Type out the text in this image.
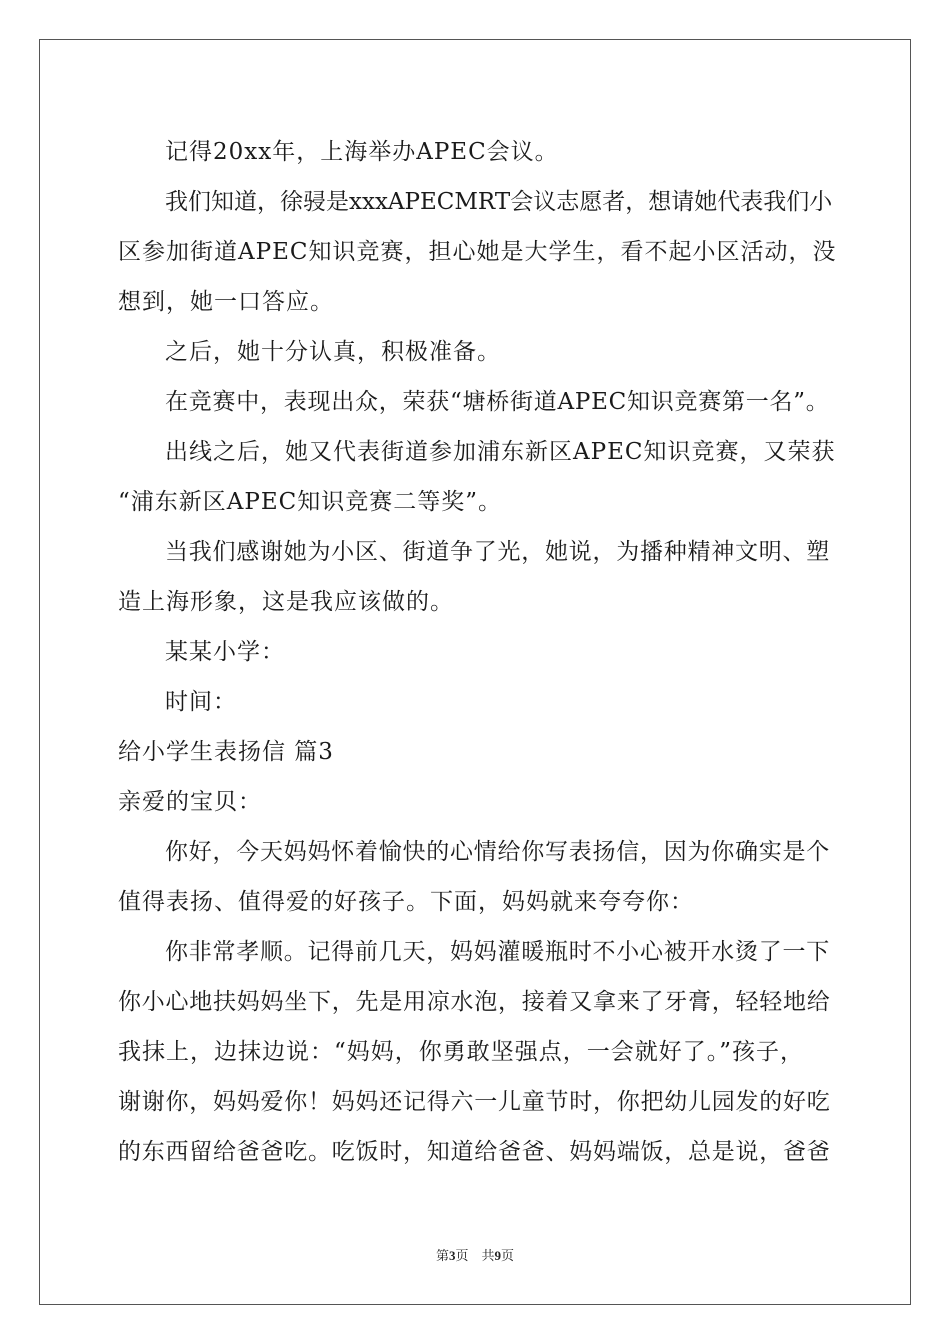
记得20xx年，上海举办APEC会议。
我们知道，徐骎是xxxAPECMRT会议志愿者，想请她代表我们小
区参加街道APEC知识竞赛，担心她是大学生，看不起小区活动，没
想到，她一口答应。
之后，她十分认真，积极准备。
在竞赛中，表现出众，荣获“塘桥街道APEC知识竞赛第一名”。
出线之后，她又代表街道参加浦东新区APEC知识竞赛，又荣获
“浦东新区APEC知识竞赛二等奖”。
当我们感谢她为小区、街道争了光，她说，为播种精神文明、塑
造上海形象，这是我应该做的。
某某小学：
时间：
给小学生表扬信 篇3
亲爱的宝贝：
你好，今天妈妈怀着愉快的心情给你写表扬信，因为你确实是个
值得表扬、值得爱的好孩子。下面，妈妈就来夸夸你：
你非常孝顺。记得前几天，妈妈灌暖瓶时不小心被开水烫了一下
你小心地扶妈妈坐下，先是用凉水泡，接着又拿来了牙膏，轻轻地给
我抹上，边抹边说：“妈妈，你勇敢坚强点，一会就好了。”孩子，
谢谢你，妈妈爱你！妈妈还记得六一儿童节时，你把幼儿园发的好吃
的东西留给爸爸吃。吃饭时，知道给爸爸、妈妈端饭，总是说，爸爸
第3页　共9页
